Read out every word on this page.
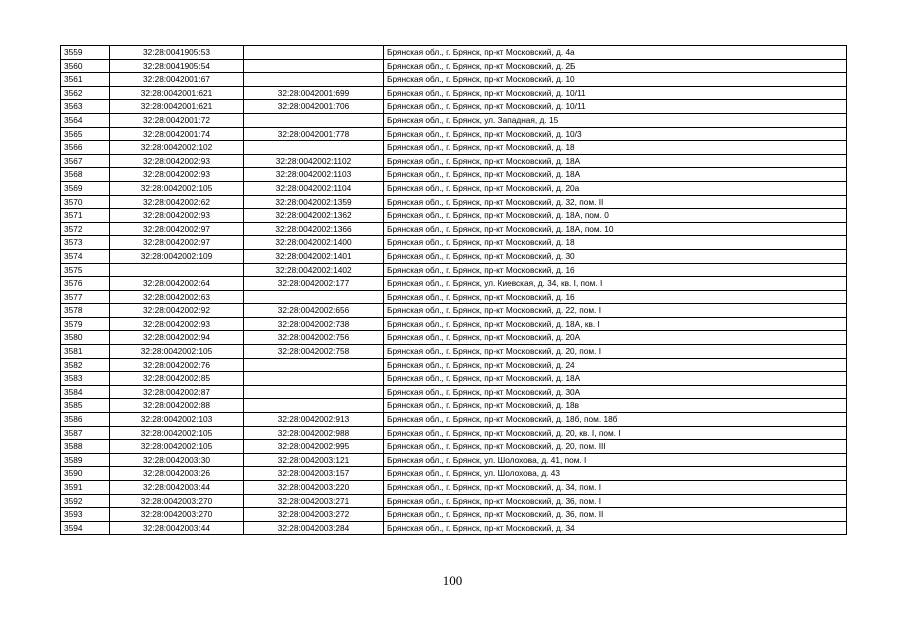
3559	32:28:0041905:53		Брянская обл., г. Брянск, пр-кт Московский, д. 4а
3560	32:28:0041905:54		Брянская обл., г. Брянск, пр-кт Московский, д. 2Б
3561	32:28:0042001:67		Брянская обл., г. Брянск, пр-кт Московский, д. 10
3562	32:28:0042001:621	32:28:0042001:699	Брянская обл., г. Брянск, пр-кт Московский, д. 10/11
3563	32:28:0042001:621	32:28:0042001:706	Брянская обл., г. Брянск, пр-кт Московский, д. 10/11
3564	32:28:0042001:72		Брянская обл., г. Брянск, ул. Западная, д. 15
3565	32:28:0042001:74	32:28:0042001:778	Брянская обл., г. Брянск, пр-кт Московский, д. 10/3
3566	32:28:0042002:102		Брянская обл., г. Брянск, пр-кт Московский, д. 18
3567	32:28:0042002:93	32:28:0042002:1102	Брянская обл., г. Брянск, пр-кт Московский, д. 18А
3568	32:28:0042002:93	32:28:0042002:1103	Брянская обл., г. Брянск, пр-кт Московский, д. 18А
3569	32:28:0042002:105	32:28:0042002:1104	Брянская обл., г. Брянск, пр-кт Московский, д. 20а
3570	32:28:0042002:62	32:28:0042002:1359	Брянская обл., г. Брянск, пр-кт Московский, д. 32, пом. II
3571	32:28:0042002:93	32:28:0042002:1362	Брянская обл., г. Брянск, пр-кт Московский, д. 18А, пом. 0
3572	32:28:0042002:97	32:28:0042002:1366	Брянская обл., г. Брянск, пр-кт Московский, д. 18А, пом. 10
3573	32:28:0042002:97	32:28:0042002:1400	Брянская обл., г. Брянск, пр-кт Московский, д. 18
3574	32:28:0042002:109	32:28:0042002:1401	Брянская обл., г. Брянск, пр-кт Московский, д. 30
3575		32:28:0042002:1402	Брянская обл., г. Брянск, пр-кт Московский, д. 16
3576	32:28:0042002:64	32:28:0042002:177	Брянская обл., г. Брянск, ул. Киевская, д. 34, кв. I, пом. I
3577	32:28:0042002:63		Брянская обл., г. Брянск, пр-кт Московский, д. 16
3578	32:28:0042002:92	32:28:0042002:656	Брянская обл., г. Брянск, пр-кт Московский, д. 22, пом. I
3579	32:28:0042002:93	32:28:0042002:738	Брянская обл., г. Брянск, пр-кт Московский, д. 18А, кв. I
3580	32:28:0042002:94	32:28:0042002:756	Брянская обл., г. Брянск, пр-кт Московский, д. 20А
3581	32:28:0042002:105	32:28:0042002:758	Брянская обл., г. Брянск, пр-кт Московский, д. 20, пом. I
3582	32:28:0042002:76		Брянская обл., г. Брянск, пр-кт Московский, д. 24
3583	32:28:0042002:85		Брянская обл., г. Брянск, пр-кт Московский, д. 18А
3584	32:28:0042002:87		Брянская обл., г. Брянск, пр-кт Московский, д. 30А
3585	32:28:0042002:88		Брянская обл., г. Брянск, пр-кт Московский, д. 18в
3586	32:28:0042002:103	32:28:0042002:913	Брянская обл., г. Брянск, пр-кт Московский, д. 18б, пом. 18б
3587	32:28:0042002:105	32:28:0042002:988	Брянская обл., г. Брянск, пр-кт Московский, д. 20, кв. I, пом. I
3588	32:28:0042002:105	32:28:0042002:995	Брянская обл., г. Брянск, пр-кт Московский, д. 20, пом. III
3589	32:28:0042003:30	32:28:0042003:121	Брянская обл., г. Брянск, ул. Шолохова, д. 41, пом. I
3590	32:28:0042003:26	32:28:0042003:157	Брянская обл., г. Брянск, ул. Шолохова, д. 43
3591	32:28:0042003:44	32:28:0042003:220	Брянская обл., г. Брянск, пр-кт Московский, д. 34, пом. I
3592	32:28:0042003:270	32:28:0042003:271	Брянская обл., г. Брянск, пр-кт Московский, д. 36, пом. I
3593	32:28:0042003:270	32:28:0042003:272	Брянская обл., г. Брянск, пр-кт Московский, д. 36, пом. II
3594	32:28:0042003:44	32:28:0042003:284	Брянская обл., г. Брянск, пр-кт Московский, д. 34
100
